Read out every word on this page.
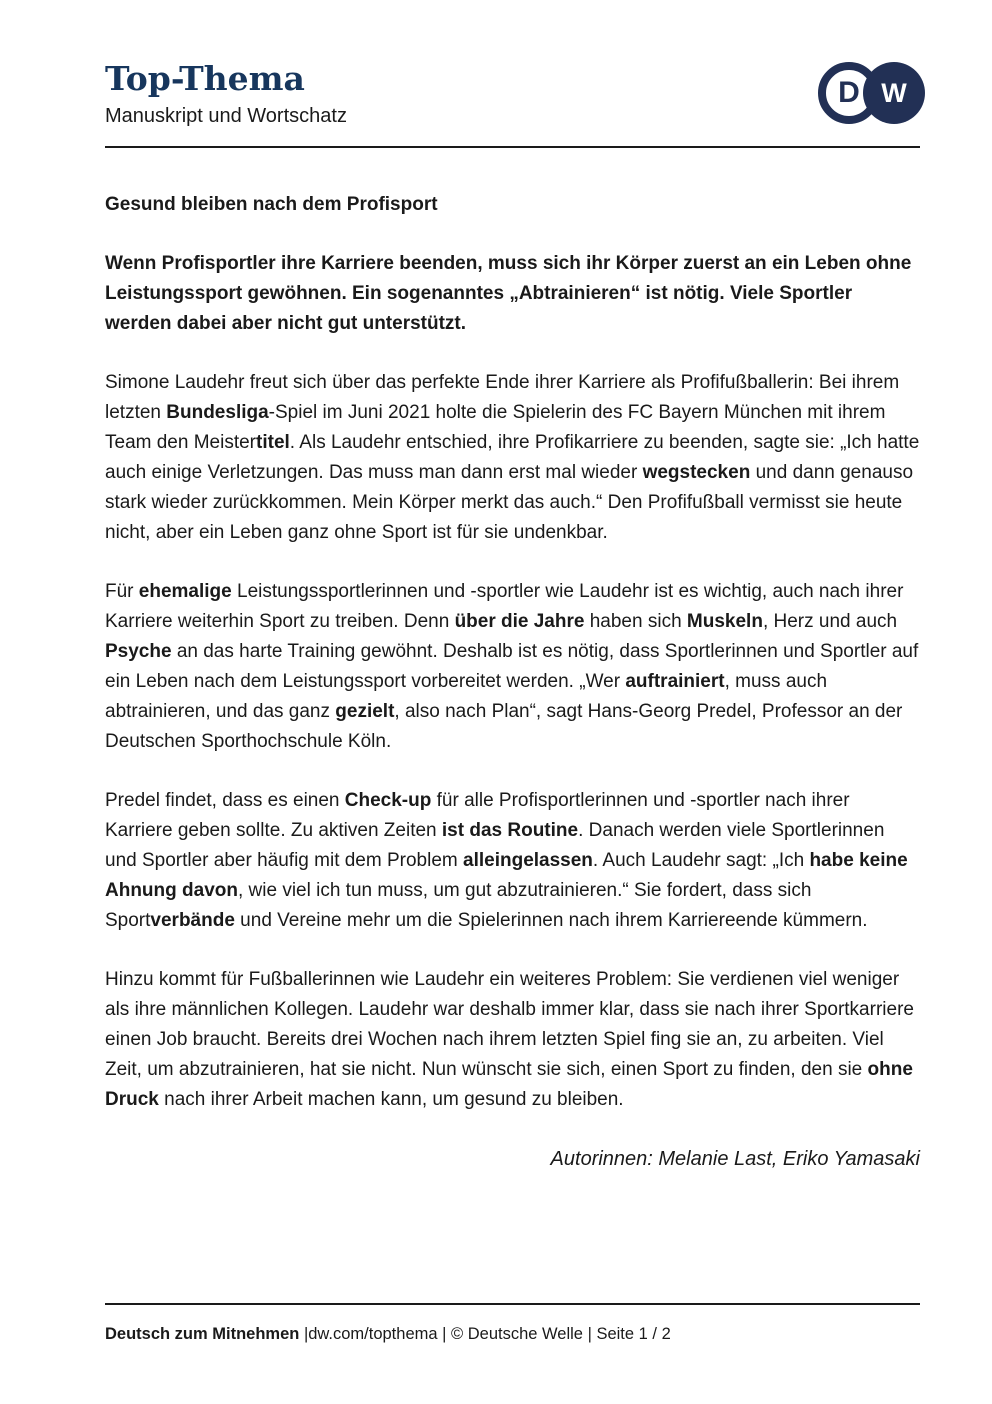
Top-Thema
Manuskript und Wortschatz
D W
Gesund bleiben nach dem Profisport

Wenn Profisportler ihre Karriere beenden, muss sich ihr Körper zuerst an ein Leben ohne Leistungssport gewöhnen. Ein sogenanntes „Abtrainieren“ ist nötig. Viele Sportler werden dabei aber nicht gut unterstützt.

Simone Laudehr freut sich über das perfekte Ende ihrer Karriere als Profifußballerin: Bei ihrem letzten Bundesliga-Spiel im Juni 2021 holte die Spielerin des FC Bayern München mit ihrem Team den Meistertitel. Als Laudehr entschied, ihre Profikarriere zu beenden, sagte sie: „Ich hatte auch einige Verletzungen. Das muss man dann erst mal wieder wegstecken und dann genauso stark wieder zurückkommen. Mein Körper merkt das auch.“ Den Profifußball vermisst sie heute nicht, aber ein Leben ganz ohne Sport ist für sie undenkbar.

Für ehemalige Leistungssportlerinnen und -sportler wie Laudehr ist es wichtig, auch nach ihrer Karriere weiterhin Sport zu treiben. Denn über die Jahre haben sich Muskeln, Herz und auch Psyche an das harte Training gewöhnt. Deshalb ist es nötig, dass Sportlerinnen und Sportler auf ein Leben nach dem Leistungssport vorbereitet werden. „Wer auftrainiert, muss auch abtrainieren, und das ganz gezielt, also nach Plan“, sagt Hans-Georg Predel, Professor an der Deutschen Sporthochschule Köln.

Predel findet, dass es einen Check-up für alle Profisportlerinnen und -sportler nach ihrer Karriere geben sollte. Zu aktiven Zeiten ist das Routine. Danach werden viele Sportlerinnen und Sportler aber häufig mit dem Problem alleingelassen. Auch Laudehr sagt: „Ich habe keine Ahnung davon, wie viel ich tun muss, um gut abzutrainieren.“ Sie fordert, dass sich Sportverbände und Vereine mehr um die Spielerinnen nach ihrem Karriereende kümmern.

Hinzu kommt für Fußballerinnen wie Laudehr ein weiteres Problem: Sie verdienen viel weniger als ihre männlichen Kollegen. Laudehr war deshalb immer klar, dass sie nach ihrer Sportkarriere einen Job braucht. Bereits drei Wochen nach ihrem letzten Spiel fing sie an, zu arbeiten. Viel Zeit, um abzutrainieren, hat sie nicht. Nun wünscht sie sich, einen Sport zu finden, den sie ohne Druck nach ihrer Arbeit machen kann, um gesund zu bleiben.

Autorinnen: Melanie Last, Eriko Yamasaki
Deutsch zum Mitnehmen |dw.com/topthema | © Deutsche Welle | Seite 1 / 2
